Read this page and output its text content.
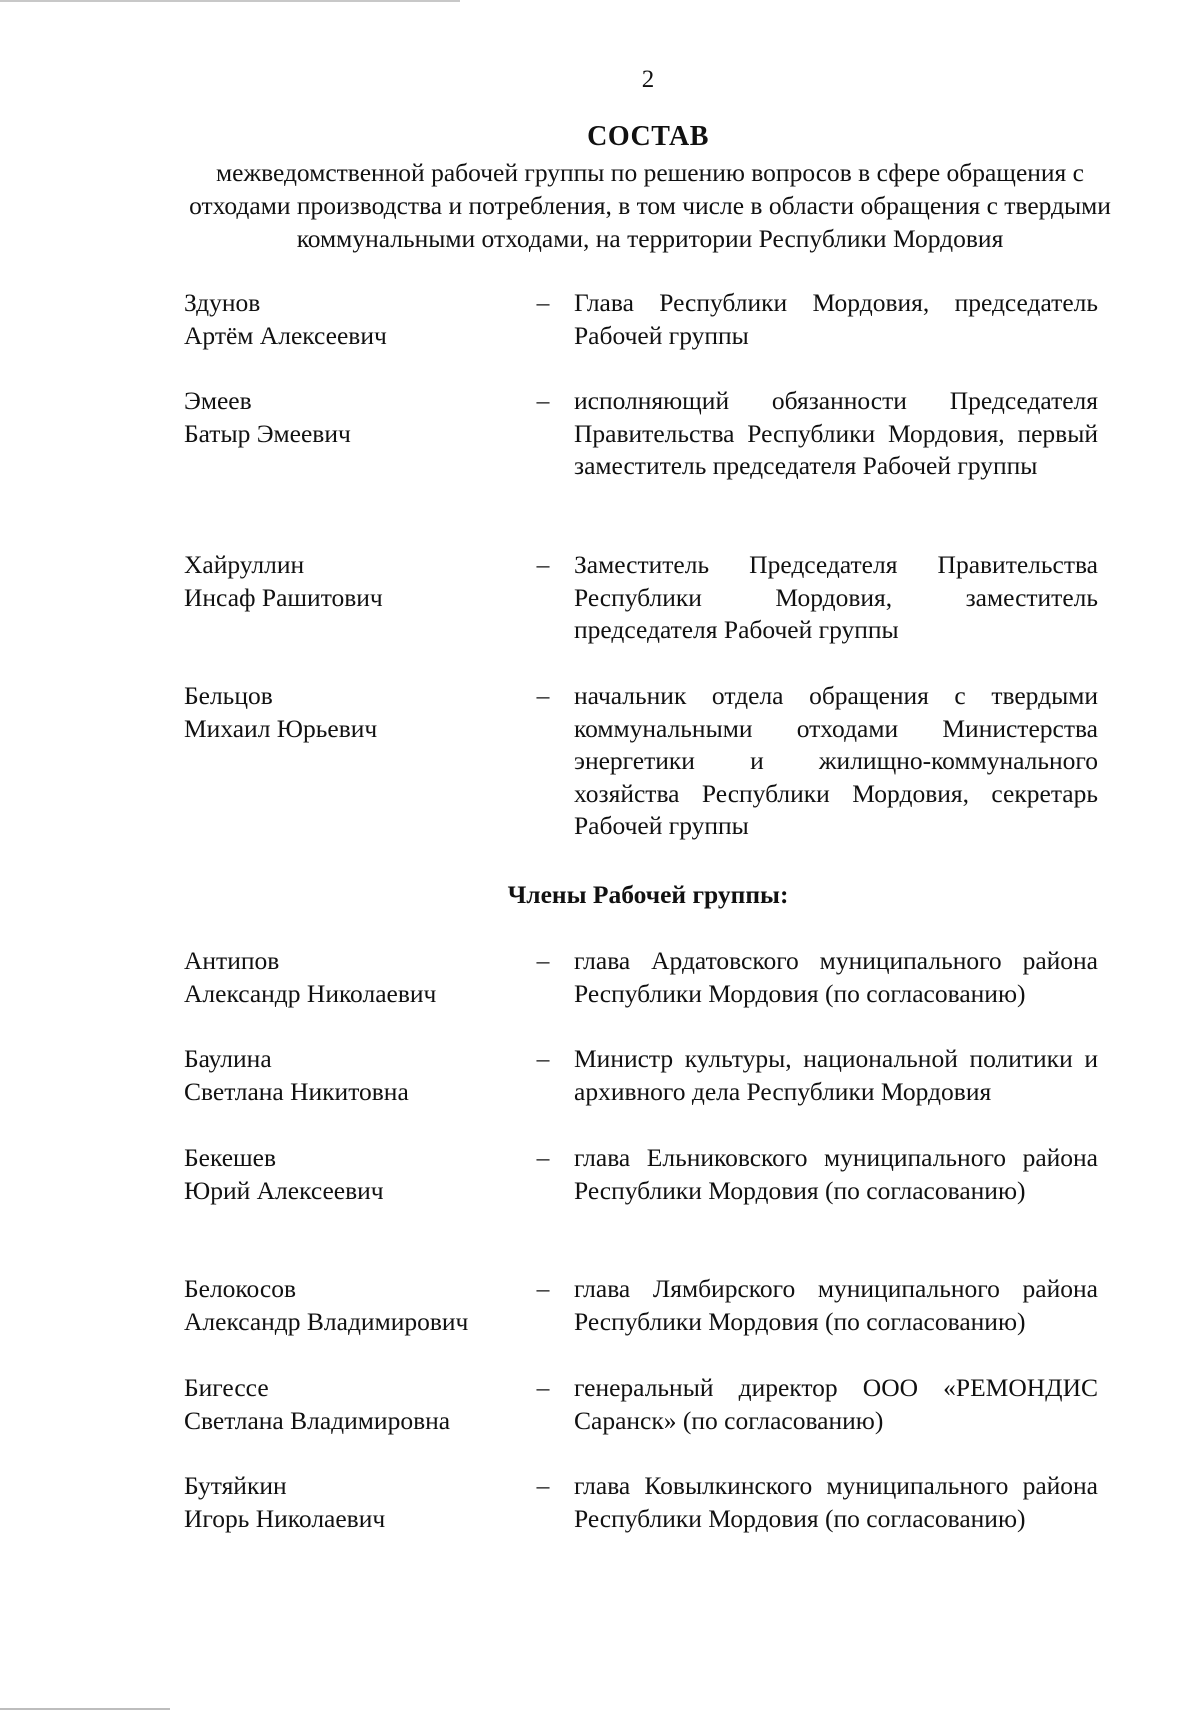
2
СОСТАВ
межведомственной рабочей группы по решению вопросов в сфере обращения с отходами производства и потребления, в том числе в области обращения с твердыми коммунальными отходами, на территории Республики Мордовия
Здунов
Артём Алексеевич
– Глава Республики Мордовия, председатель Рабочей группы
Эмеев
Батыр Эмеевич
– исполняющий обязанности Председателя Правительства Республики Мордовия, первый заместитель председателя Рабочей группы
Хайруллин
Инсаф Рашитович
– Заместитель Председателя Правительства Республики Мордовия, заместитель председателя Рабочей группы
Бельцов
Михаил Юрьевич
– начальник отдела обращения с твердыми коммунальными отходами Министерства энергетики и жилищно-коммунального хозяйства Республики Мордовия, секретарь Рабочей группы
Члены Рабочей группы:
Антипов
Александр Николаевич
– глава Ардатовского муниципального района Республики Мордовия (по согласованию)
Баулина
Светлана Никитовна
– Министр культуры, национальной политики и архивного дела Республики Мордовия
Бекешев
Юрий Алексеевич
– глава Ельниковского муниципального района Республики Мордовия (по согласованию)
Белокосов
Александр Владимирович
– глава Лямбирского муниципального района Республики Мордовия (по согласованию)
Бигессе
Светлана Владимировна
– генеральный директор ООО «РЕМОНДИС Саранск» (по согласованию)
Бутяйкин
Игорь Николаевич
– глава Ковылкинского муниципального района Республики Мордовия (по согласованию)
